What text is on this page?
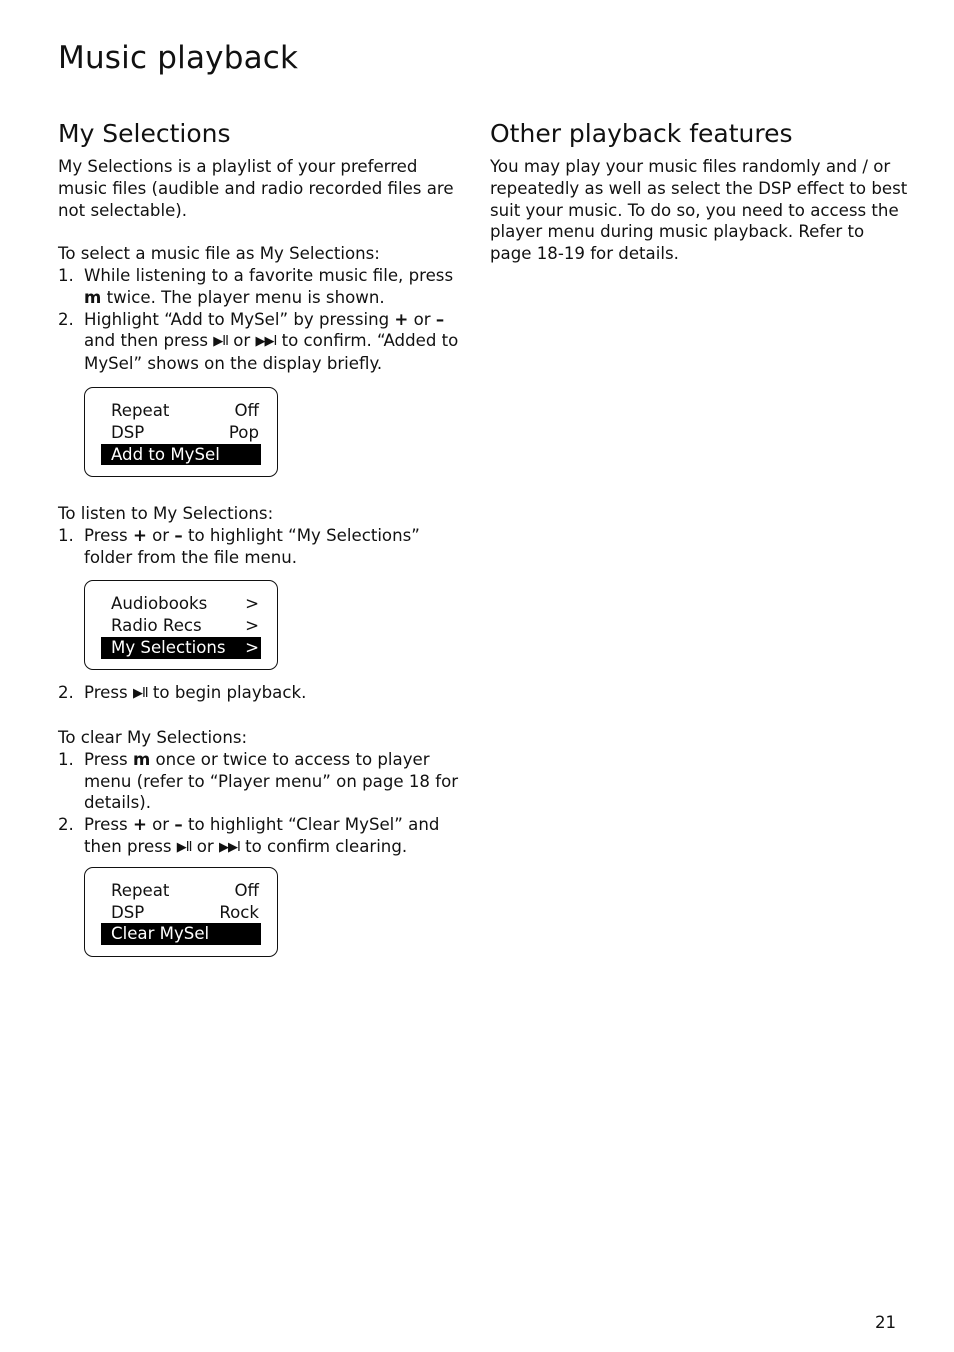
Music playback
My Selections

My Selections is a playlist of your preferred music files (audible and radio recorded files are not selectable).

To select a music file as My Selections:

1. While listening to a favorite music file, press m twice. The player menu is shown.
2. Highlight “Add to MySel” by pressing + or – and then press ▶II or ▶▶I to confirm. “Added to MySel” shows on the display briefly.
Repeat	Off
DSP	Pop
Add to MySel

To listen to My Selections:

1. Press + or – to highlight “My Selections” folder from the file menu.
Audiobooks >
Radio Recs	>
My Selections >
2. Press ▶II to begin playback.

To clear My Selections:

1. Press m once or twice to access to player menu (refer to “Player menu” on page 18 for details).
2. Press + or – to highlight “Clear MySel” and then press ▶II or ▶▶I to confirm clearing.
Repeat	Off
DSP	Rock
Clear MySel
Other playback features

You may play your music files randomly and / or repeatedly as well as select the DSP effect to best suit your music. To do so, you need to access the player menu during music playback. Refer to page 18-19 for details.

21
